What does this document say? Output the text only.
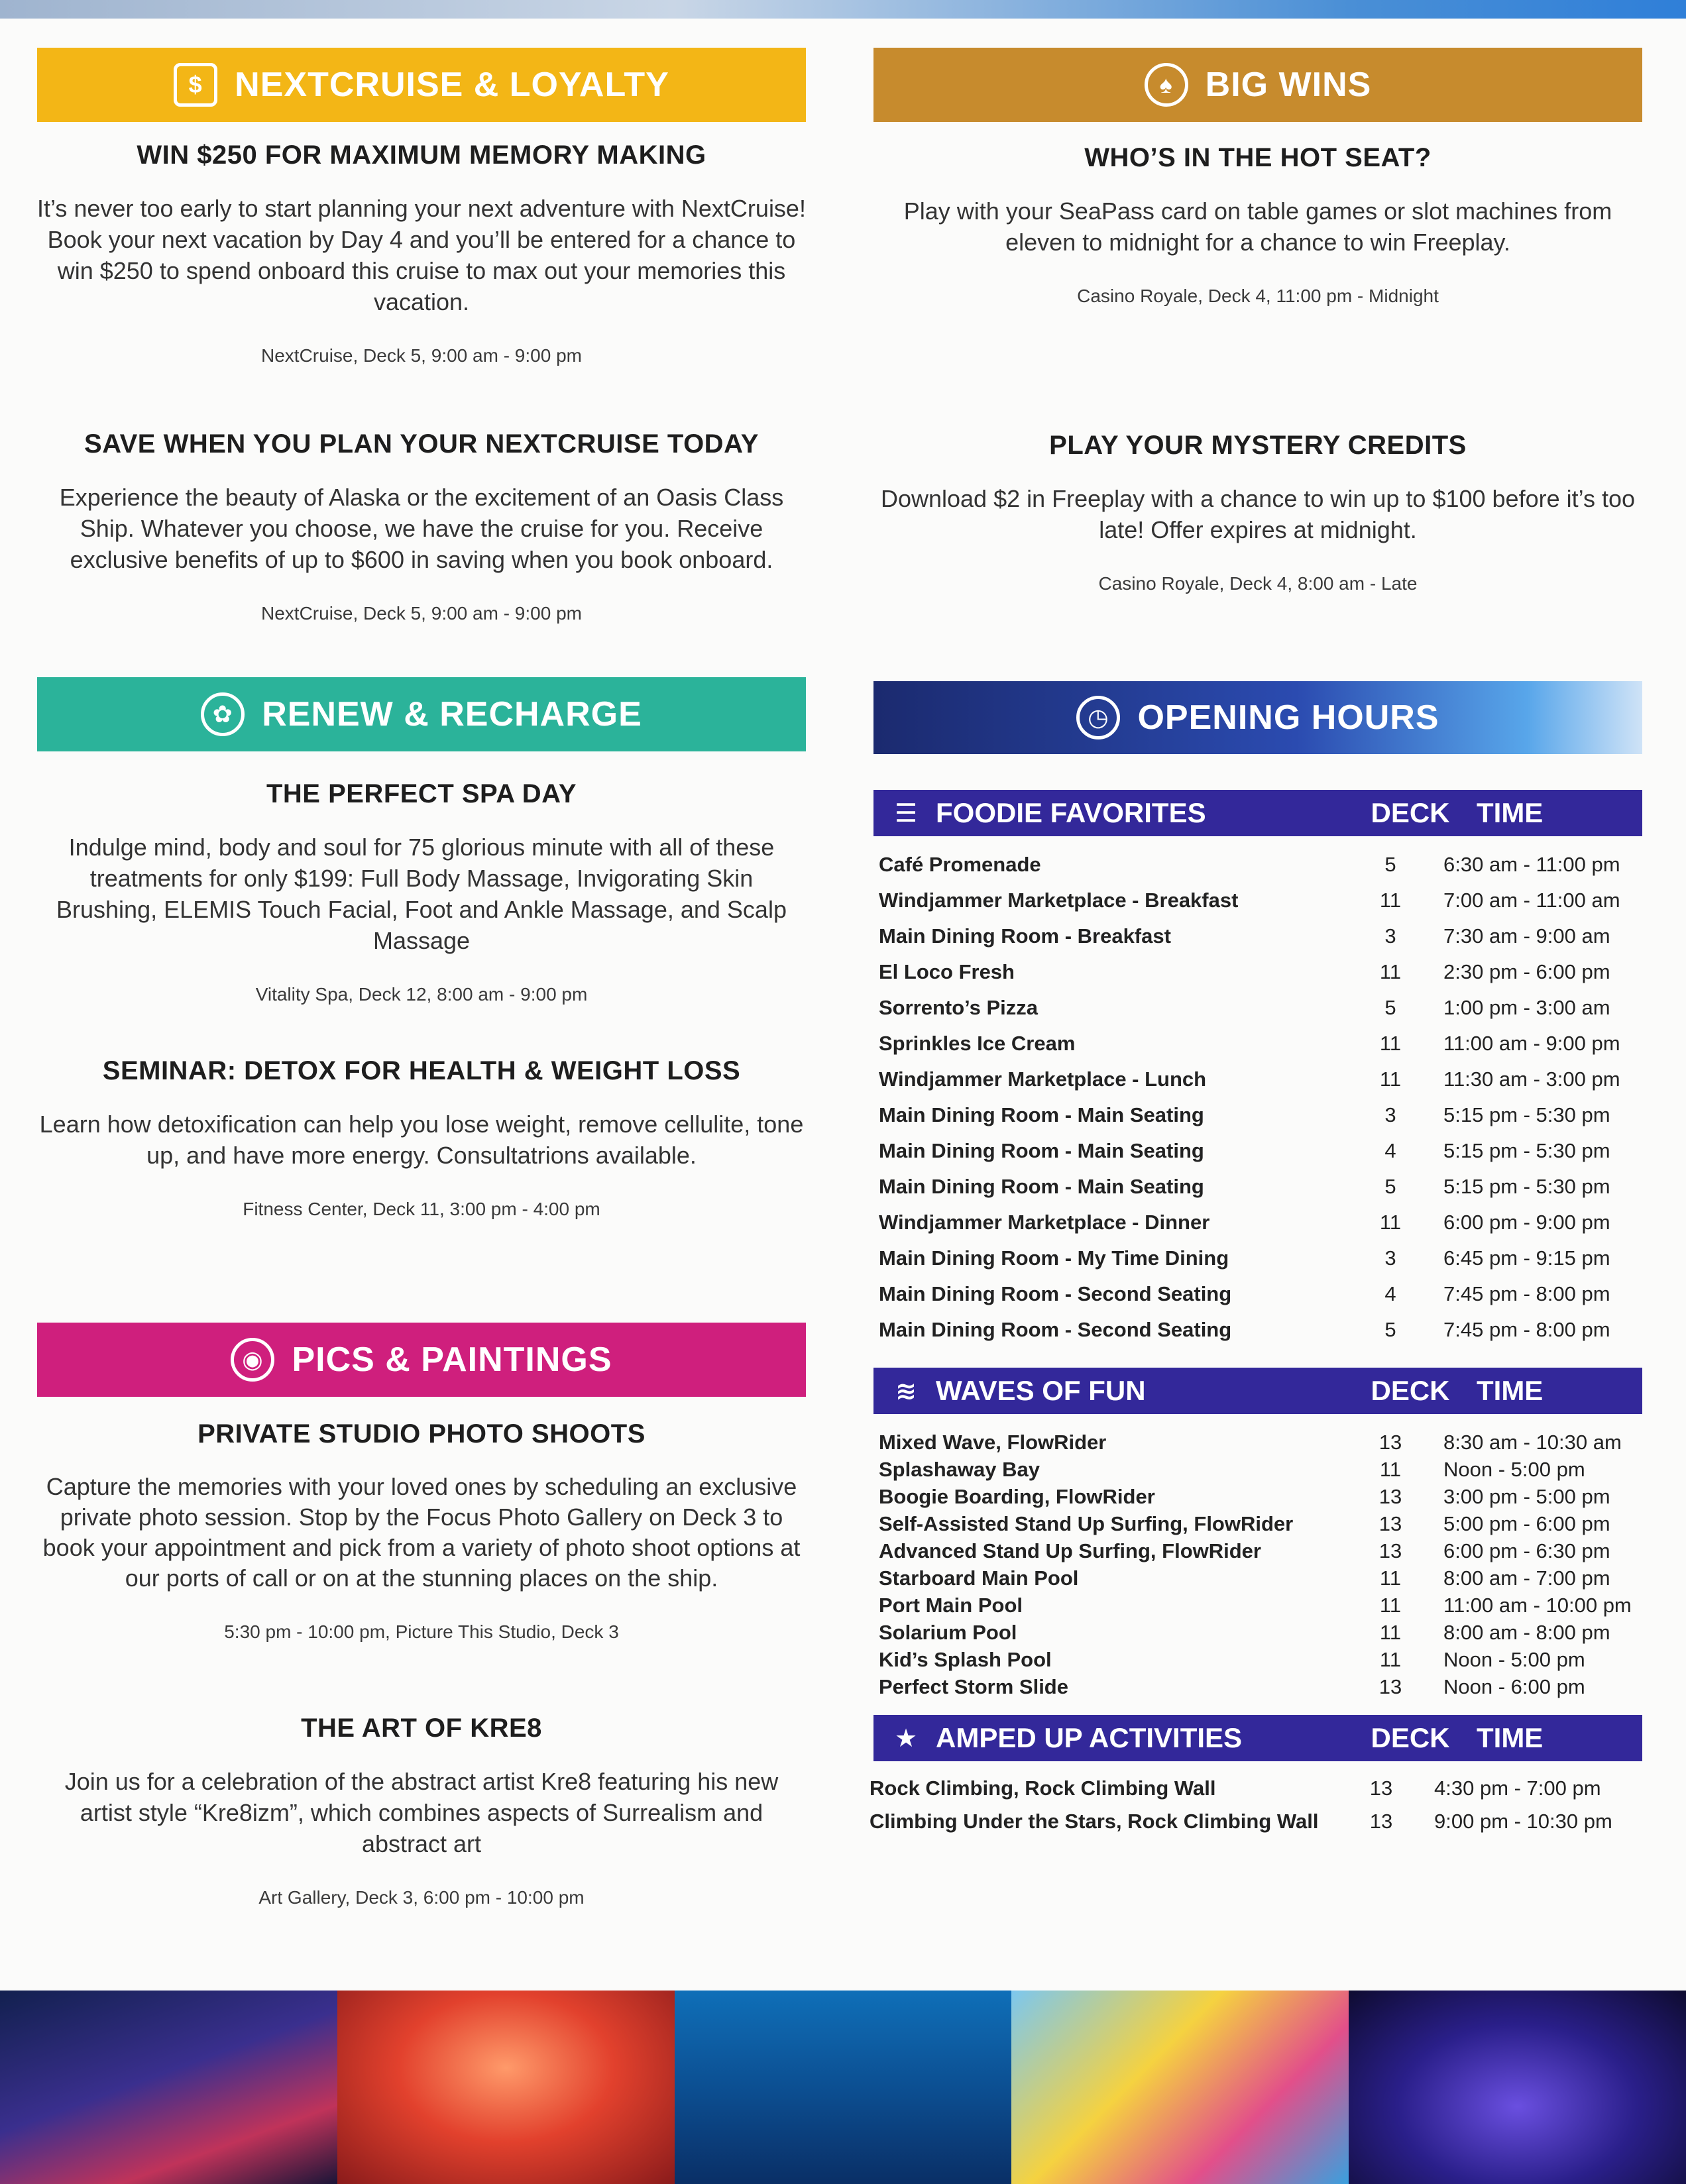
$ NEXTCRUISE & LOYALTY

WIN $250 FOR MAXIMUM MEMORY MAKING

It’s never too early to start planning your next adventure with NextCruise! Book your next vacation by Day 4 and you’ll be entered for a chance to win $250 to spend onboard this cruise to max out your memories this vacation.

NextCruise, Deck 5, 9:00 am - 9:00 pm

SAVE WHEN YOU PLAN YOUR NEXTCRUISE TODAY

Experience the beauty of Alaska or the excitement of an Oasis Class Ship. Whatever you choose, we have the cruise for you. Receive exclusive benefits of up to $600 in saving when you book onboard.

NextCruise, Deck 5, 9:00 am - 9:00 pm

✿ RENEW & RECHARGE

THE PERFECT SPA DAY

Indulge mind, body and soul for 75 glorious minute with all of these treatments for only $199: Full Body Massage, Invigorating Skin Brushing, ELEMIS Touch Facial, Foot and Ankle Massage, and Scalp Massage

Vitality Spa, Deck 12, 8:00 am - 9:00 pm

SEMINAR: DETOX FOR HEALTH & WEIGHT LOSS

Learn how detoxification can help you lose weight, remove cellulite, tone up, and have more energy. Consultatrions available.

Fitness Center, Deck 11, 3:00 pm - 4:00 pm

◉ PICS & PAINTINGS

PRIVATE STUDIO PHOTO SHOOTS

Capture the memories with your loved ones by scheduling an exclusive private photo session. Stop by the Focus Photo Gallery on Deck 3 to book your appointment and pick from a variety of photo shoot options at our ports of call or on at the stunning places on the ship.

5:30 pm - 10:00 pm, Picture This Studio, Deck 3

THE ART OF KRE8

Join us for a celebration of the abstract artist Kre8 featuring his new artist style “Kre8izm”, which combines aspects of Surrealism and abstract art

Art Gallery, Deck 3, 6:00 pm - 10:00 pm

♠ BIG WINS

WHO’S IN THE HOT SEAT?

Play with your SeaPass card on table games or slot machines from eleven to midnight for a chance to win Freeplay.

Casino Royale, Deck 4, 11:00 pm - Midnight

PLAY YOUR MYSTERY CREDITS

Download $2 in Freeplay with a chance to win up to $100 before it’s too late! Offer expires at midnight.

Casino Royale, Deck 4, 8:00 am - Late

◷ OPENING HOURS
☰ FOODIE FAVORITES	DECK TIME
Café Promenade	5	6:30 am - 11:00 pm
Windjammer Marketplace - Breakfast	11	7:00 am - 11:00 am
Main Dining Room - Breakfast	3	7:30 am - 9:00 am
El Loco Fresh	11	2:30 pm - 6:00 pm
Sorrento’s Pizza	5	1:00 pm - 3:00 am
Sprinkles Ice Cream	11	11:00 am - 9:00 pm
Windjammer Marketplace - Lunch	11	11:30 am - 3:00 pm
Main Dining Room - Main Seating	3	5:15 pm - 5:30 pm
Main Dining Room - Main Seating	4	5:15 pm - 5:30 pm
Main Dining Room - Main Seating	5	5:15 pm - 5:30 pm
Windjammer Marketplace - Dinner	11	6:00 pm - 9:00 pm
Main Dining Room - My Time Dining	3	6:45 pm - 9:15 pm
Main Dining Room - Second Seating	4	7:45 pm - 8:00 pm
Main Dining Room - Second Seating	5	7:45 pm - 8:00 pm
≋ WAVES OF FUN	DECK TIME
Mixed Wave, FlowRider	13	8:30 am - 10:30 am
Splashaway Bay	11	Noon - 5:00 pm
Boogie Boarding, FlowRider	13	3:00 pm - 5:00 pm
Self-Assisted Stand Up Surfing, FlowRider	13	5:00 pm - 6:00 pm
Advanced Stand Up Surfing, FlowRider	13	6:00 pm - 6:30 pm
Starboard Main Pool	11	8:00 am - 7:00 pm
Port Main Pool	11	11:00 am - 10:00 pm
Solarium Pool	11	8:00 am - 8:00 pm
Kid’s Splash Pool	11	Noon - 5:00 pm
Perfect Storm Slide	13	Noon - 6:00 pm
★ AMPED UP ACTIVITIES	DECK TIME
Rock Climbing, Rock Climbing Wall	13	4:30 pm - 7:00 pm
Climbing Under the Stars, Rock Climbing Wall	13	9:00 pm - 10:30 pm
